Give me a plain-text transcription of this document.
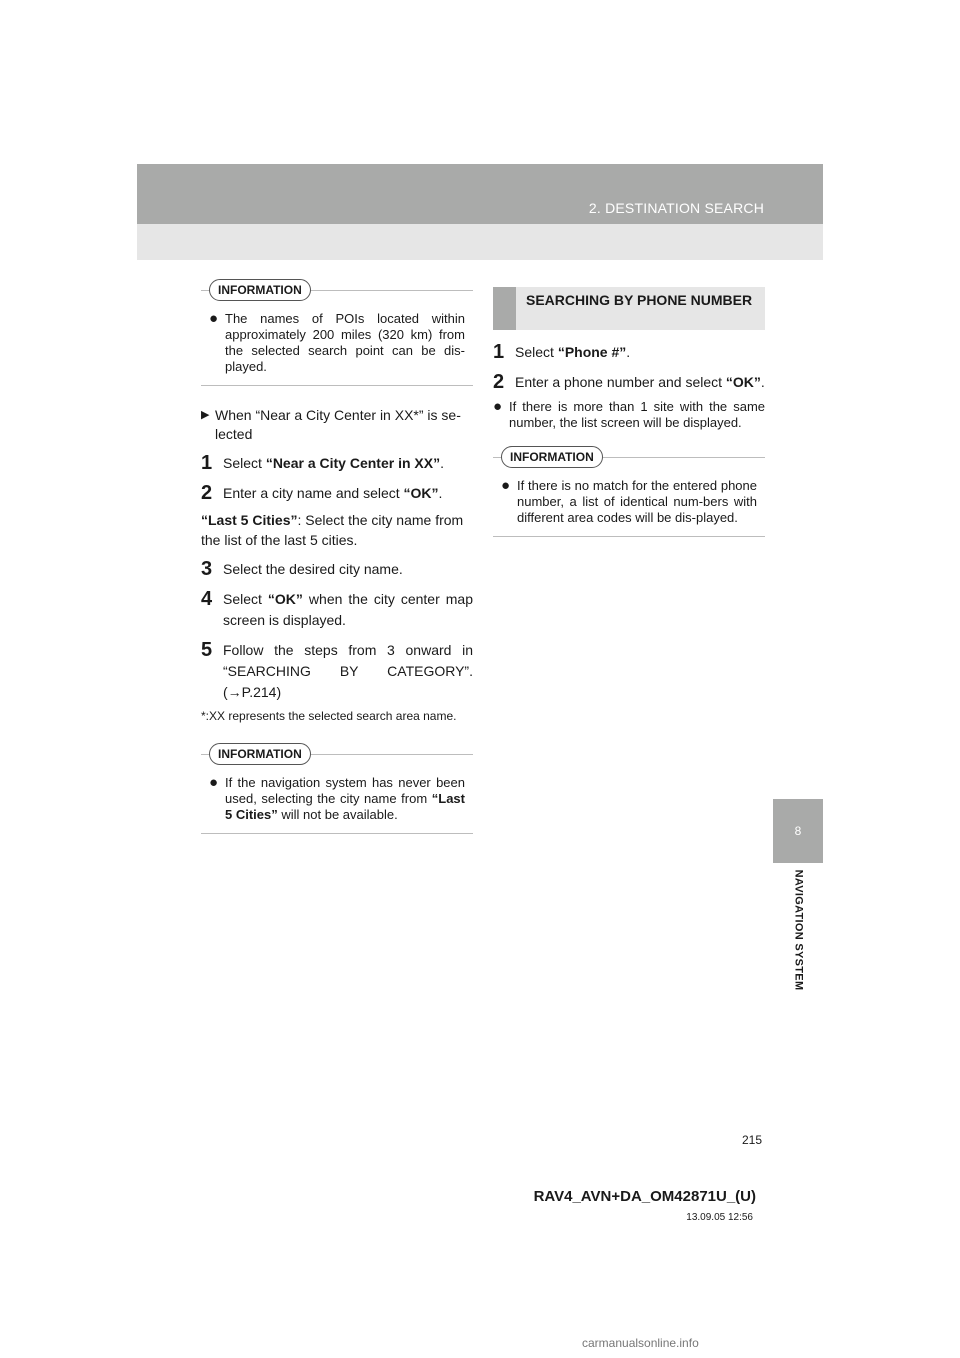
2. DESTINATION SEARCH
8
NAVIGATION SYSTEM
INFORMATION
● The names of POIs located within approximately 200 miles (320 km) from the selected search point can be dis-played.
▶ When “Near a City Center in XX*” is se-lected
1 Select “Near a City Center in XX”.
2 Enter a city name and select “OK”.
“Last 5 Cities”: Select the city name from the list of the last 5 cities.
3 Select the desired city name.
4 Select “OK” when the city center map screen is displayed.
5 Follow the steps from 3 onward in “SEARCHING BY CATEGORY”. (→P.214)
*:XX represents the selected search area name.
INFORMATION
● If the navigation system has never been used, selecting the city name from “Last 5 Cities” will not be available.
SEARCHING BY PHONE NUMBER
1 Select “Phone #”.
2 Enter a phone number and select “OK”.
● If there is more than 1 site with the same number, the list screen will be displayed.
INFORMATION
● If there is no match for the entered phone number, a list of identical num-bers with different area codes will be dis-played.
215
RAV4_AVN+DA_OM42871U_(U)
13.09.05 12:56
carmanualsonline.info
